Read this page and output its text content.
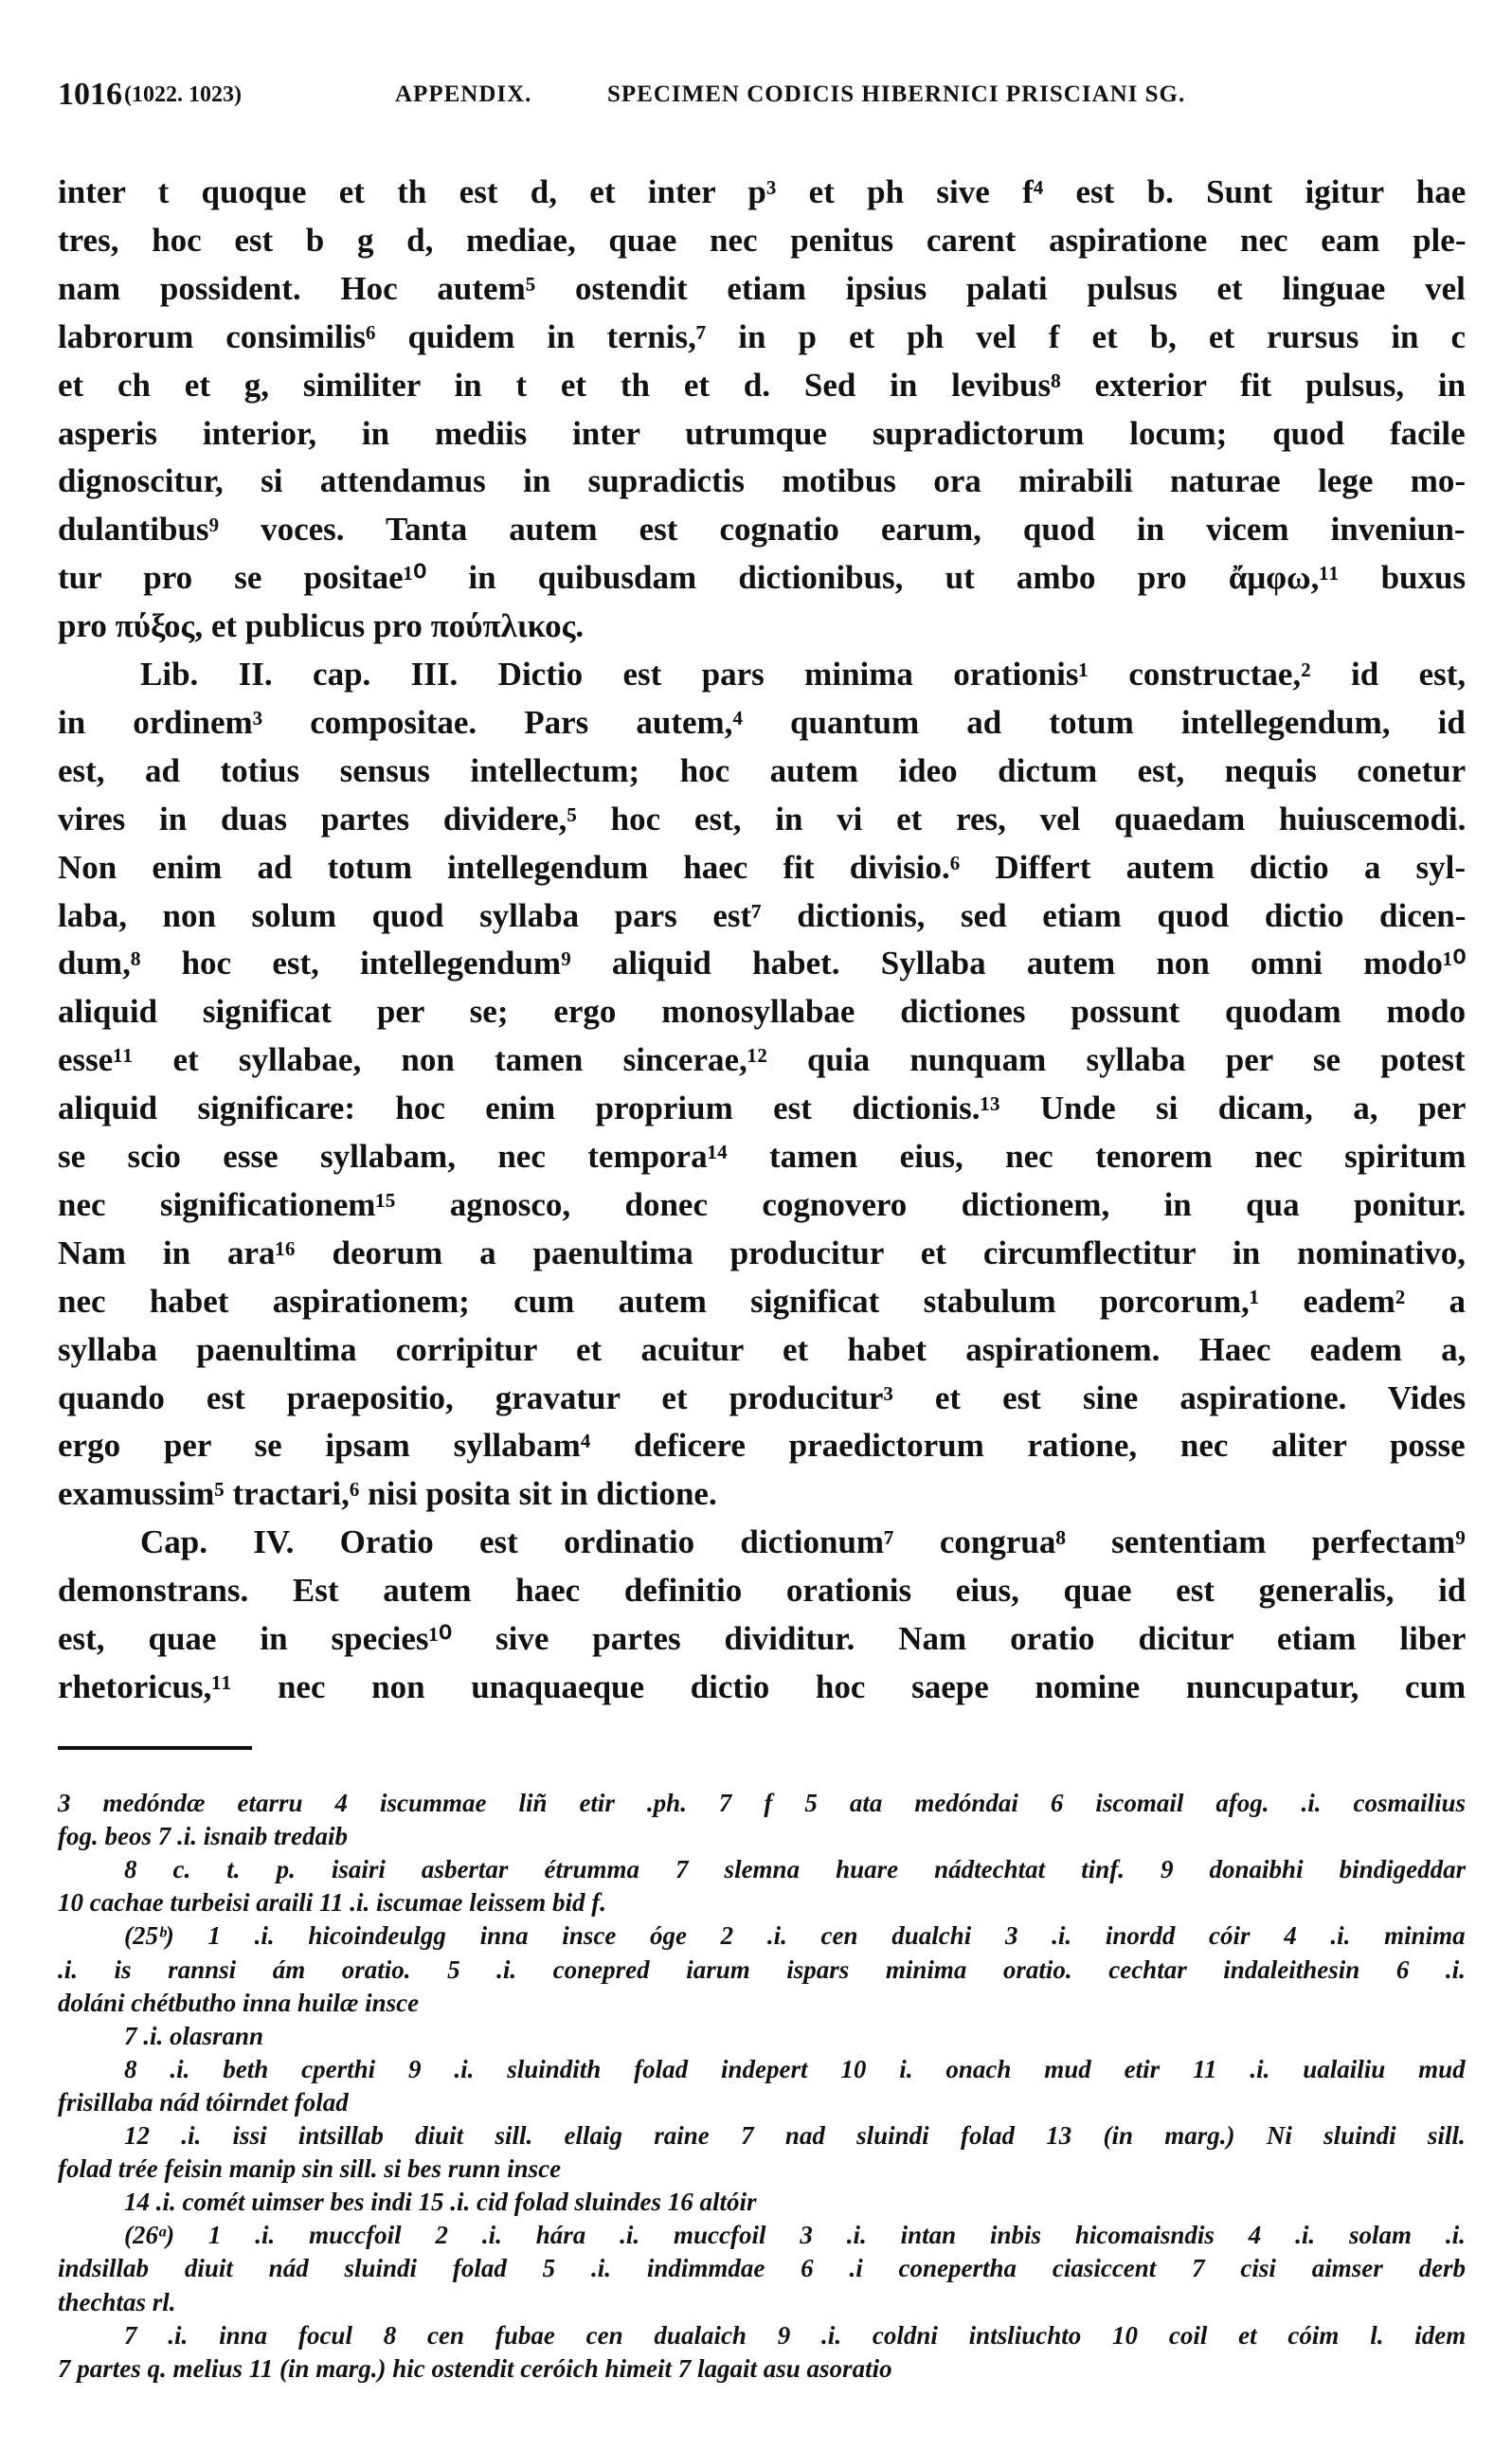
1016 (1022. 1023)	APPENDIX.	SPECIMEN CODICIS HIBERNICI PRISCIANI SG.
inter t quoque et th est d, et inter p³ et ph sive f⁴ est b. Sunt igitur hae
tres, hoc est b g d, mediae, quae nec penitus carent aspiratione nec eam ple-
nam possident. Hoc autem⁵ ostendit etiam ipsius palati pulsus et linguae vel
labrorum consimilis⁶ quidem in ternis,⁷ in p et ph vel f et b, et rursus in c
et ch et g, similiter in t et th et d. Sed in levibus⁸ exterior fit pulsus, in
asperis interior, in mediis inter utrumque supradictorum locum; quod facile
dignoscitur, si attendamus in supradictis motibus ora mirabili naturae lege mo-
dulantibus⁹ voces. Tanta autem est cognatio earum, quod in vicem inveniun-
tur pro se positae¹⁰ in quibusdam dictionibus, ut ambo pro ἄμφω,¹¹ buxus
pro πύξος, et publicus pro πούπλικος.
Lib. II. cap. III. Dictio est pars minima orationis¹ constructae,² id est,
in ordinem³ compositae. Pars autem,⁴ quantum ad totum intellegendum, id
est, ad totius sensus intellectum; hoc autem ideo dictum est, nequis conetur
vires in duas partes dividere,⁵ hoc est, in vi et res, vel quaedam huiuscemodi.
Non enim ad totum intellegendum haec fit divisio.⁶ Differt autem dictio a syl-
laba, non solum quod syllaba pars est⁷ dictionis, sed etiam quod dictio dicen-
dum,⁸ hoc est, intellegendum⁹ aliquid habet. Syllaba autem non omni modo¹⁰
aliquid significat per se; ergo monosyllabae dictiones possunt quodam modo
esse¹¹ et syllabae, non tamen sincerae,¹² quia nunquam syllaba per se potest
aliquid significare: hoc enim proprium est dictionis.¹³ Unde si dicam, a, per
se scio esse syllabam, nec tempora¹⁴ tamen eius, nec tenorem nec spiritum
nec significationem¹⁵ agnosco, donec cognovero dictionem, in qua ponitur.
Nam in ara¹⁶ deorum a paenultima producitur et circumflectitur in nominativo,
nec habet aspirationem; cum autem significat stabulum porcorum,¹ eadem² a
syllaba paenultima corripitur et acuitur et habet aspirationem. Haec eadem a,
quando est praepositio, gravatur et producitur³ et est sine aspiratione. Vides
ergo per se ipsam syllabam⁴ deficere praedictorum ratione, nec aliter posse
examussim⁵ tractari,⁶ nisi posita sit in dictione.
Cap. IV. Oratio est ordinatio dictionum⁷ congrua⁸ sententiam perfectam⁹
demonstrans. Est autem haec definitio orationis eius, quae est generalis, id
est, quae in species¹⁰ sive partes dividitur. Nam oratio dicitur etiam liber
rhetoricus,¹¹ nec non unaquaeque dictio hoc saepe nomine nuncupatur, cum
3 medóndæ etarru 4 iscummae liñ etir .ph. 7 f 5 ata medóndai 6 iscomail afog. .i. cosmailius
fog. beos 7 .i. isnaib tredaib
8 c. t. p. isairi asbertar étrumma 7 slemna huare nádtechtat tinf. 9 donaibhi bindigeddar
10 cachae turbeisi araili 11 .i. iscumae leissem bid f.
(25ᵇ) 1 .i. hicoindeulgg inna insce óge 2 .i. cen dualchi 3 .i. inordd cóir 4 .i. minima
.i. is rannsi ám oratio. 5 .i. conepred iarum ispars minima oratio. cechtar indaleithesin 6 .i.
doláni chétbutho inna huilæ insce
7 .i. olasrann
8 .i. beth cperthi 9 .i. sluindith folad indepert 10 i. onach mud etir 11 .i. ualailiu mud
frisillaba nád tóirndet folad
12 .i. issi intsillab diuit sill. ellaig raine 7 nad sluindi folad 13 (in marg.) Ni sluindi sill.
folad trée feisin manip sin sill. si bes runn insce
14 .i. comét uimser bes indi 15 .i. cid folad sluindes 16 altóir
(26ᵃ) 1 .i. muccfoil 2 .i. hára .i. muccfoil 3 .i. intan inbis hicomaisndis 4 .i. solam .i.
indsillab diuit nád sluindi folad 5 .i. indimmdae 6 .i conepertha ciasiccent 7 cisi aimser derb
thechtas rl.
7 .i. inna focul 8 cen fubae cen dualaich 9 .i. coldni intsliuchto 10 coil et cóim l. idem
7 partes q. melius 11 (in marg.) hic ostendit ceróich himeit 7 lagait asu asoratio
